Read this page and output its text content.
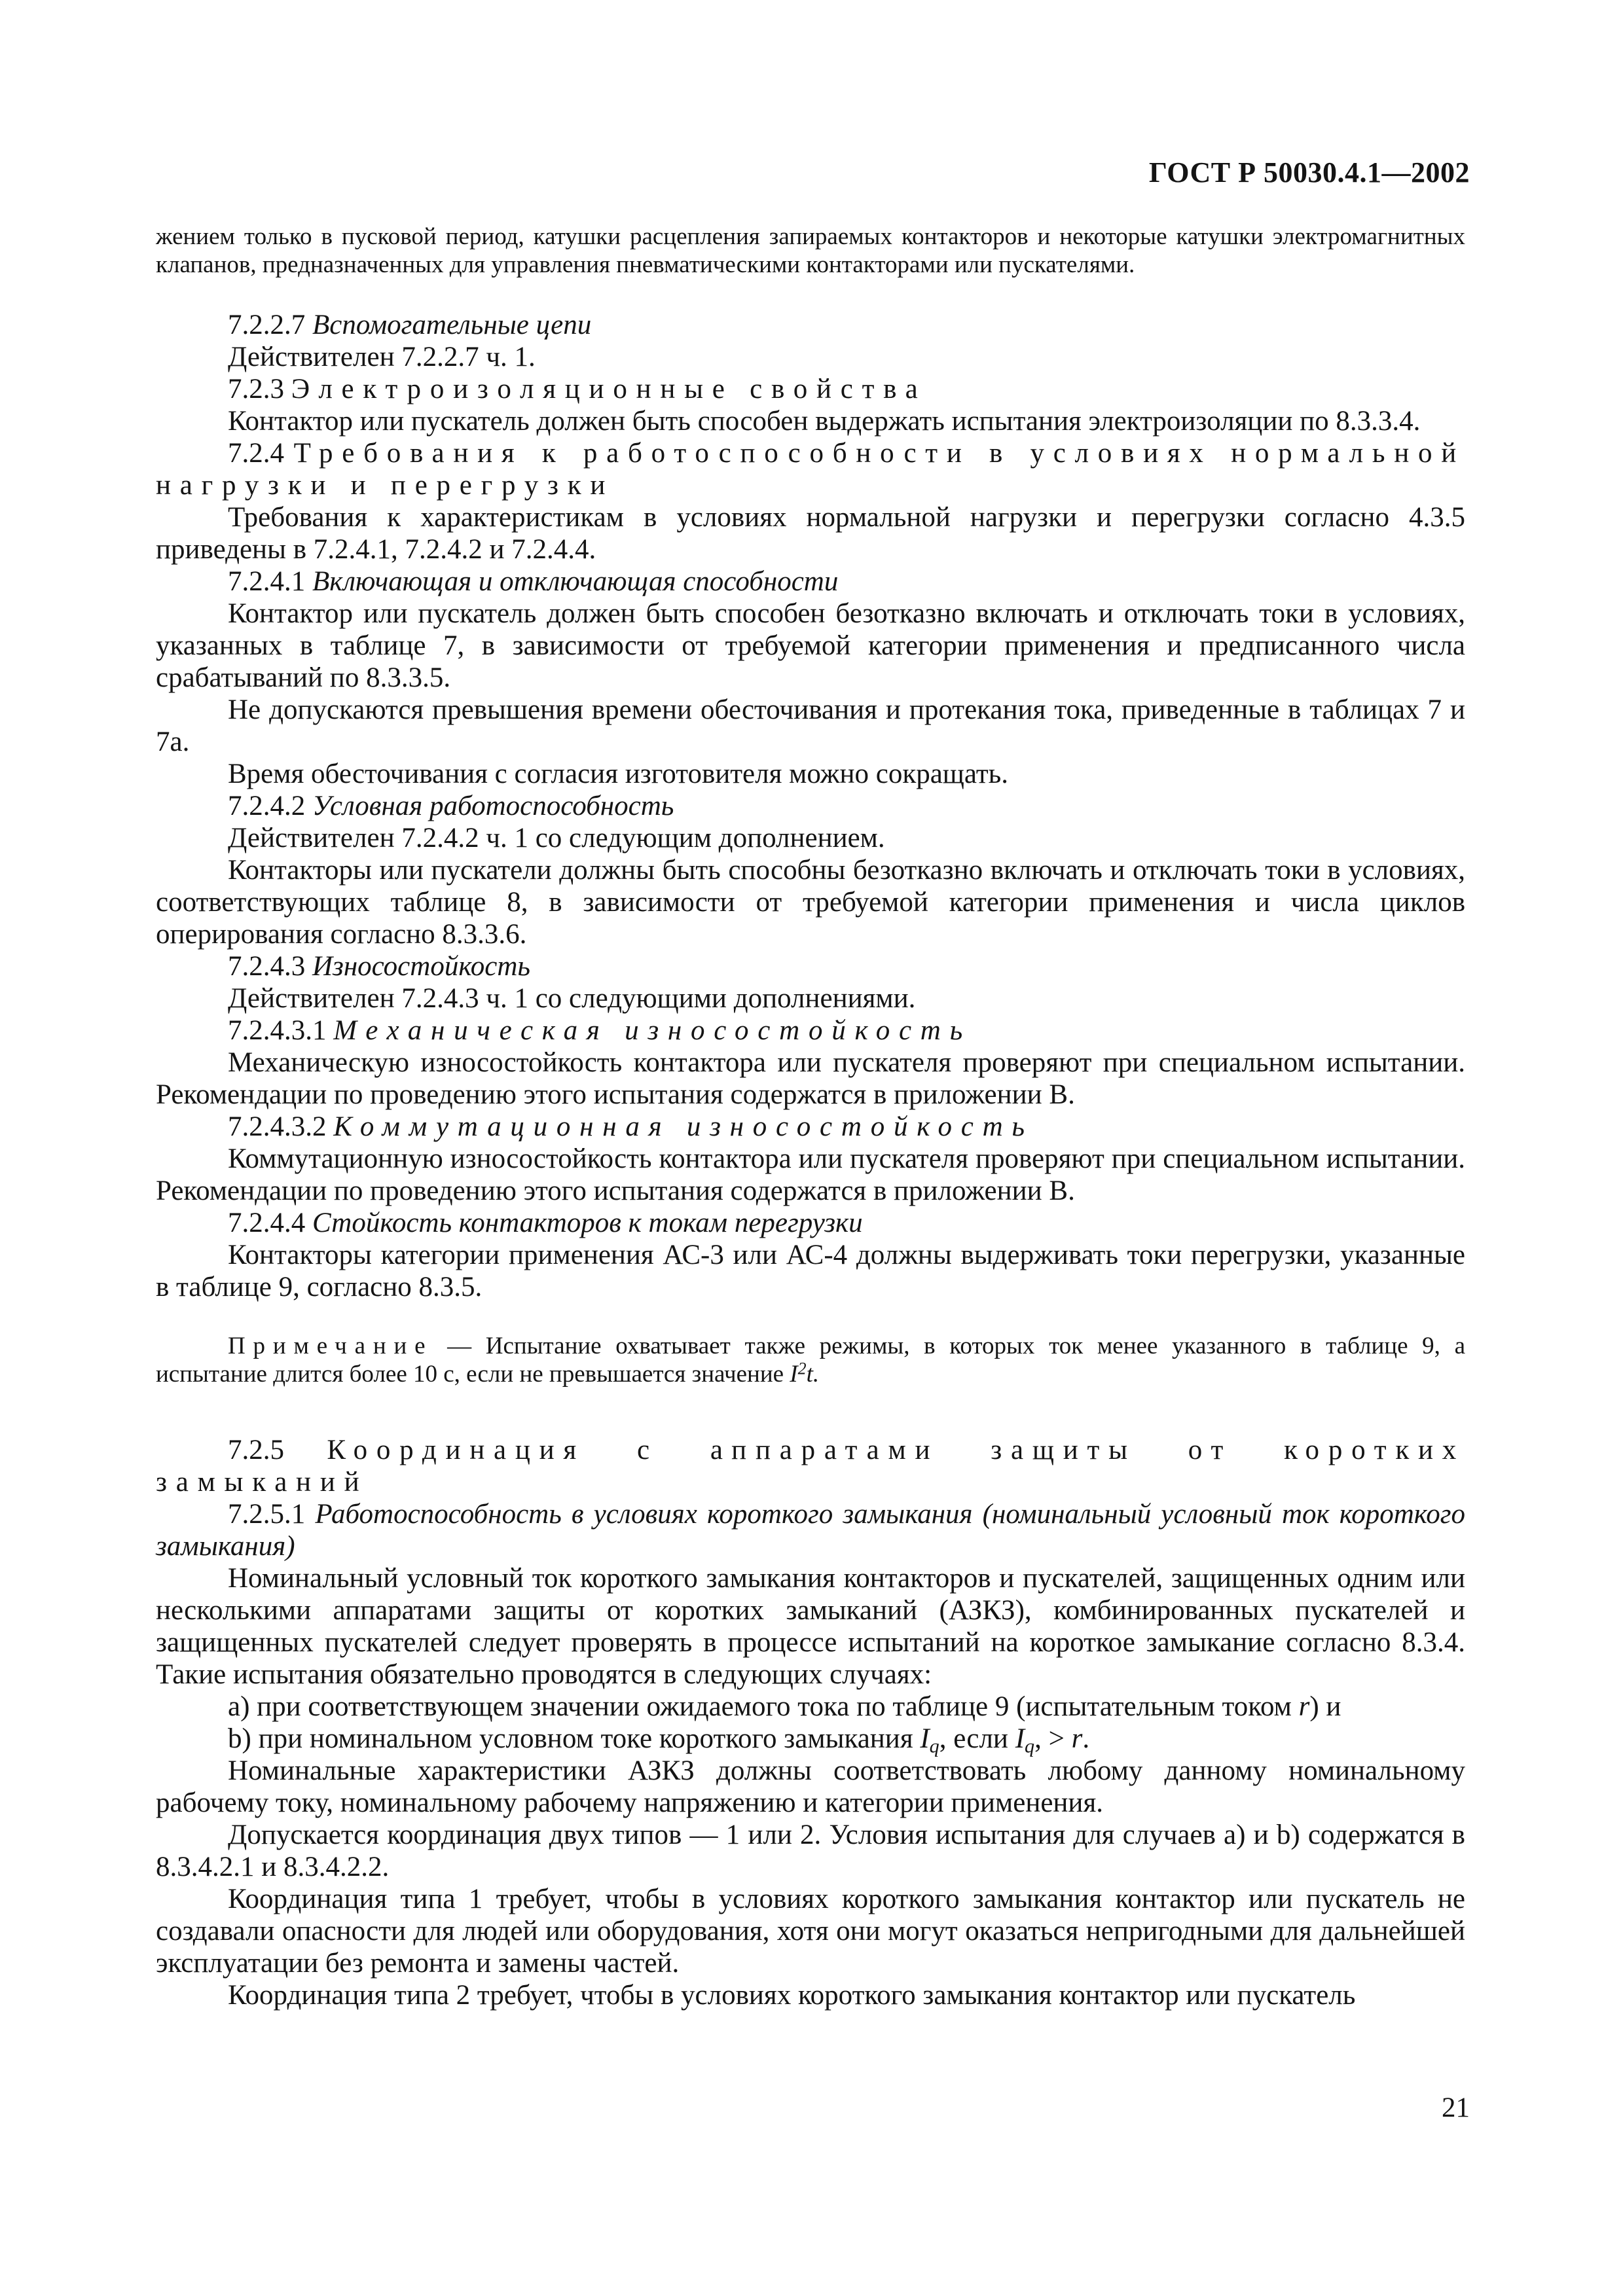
ГОСТ Р 50030.4.1—2002

жением только в пусковой период, катушки расцепления запираемых контакторов и некоторые катушки электромагнитных клапанов, предназначенных для управления пневматическими контакторами или пускателями.

7.2.2.7 Вспомогательные цепи

Действителен 7.2.2.7 ч. 1.

7.2.3 Электроизоляционные свойства

Контактор или пускатель должен быть способен выдержать испытания электроизоляции по 8.3.3.4.

7.2.4 Требования к работоспособности в условиях нормальной нагрузки и перегрузки

Требования к характеристикам в условиях нормальной нагрузки и перегрузки согласно 4.3.5 приведены в 7.2.4.1, 7.2.4.2 и 7.2.4.4.

7.2.4.1 Включающая и отключающая способности

Контактор или пускатель должен быть способен безотказно включать и отключать токи в условиях, указанных в таблице 7, в зависимости от требуемой категории применения и предписанного числа срабатываний по 8.3.3.5.

Не допускаются превышения времени обесточивания и протекания тока, приведенные в таблицах 7 и 7а.

Время обесточивания с согласия изготовителя можно сокращать.

7.2.4.2 Условная работоспособность

Действителен 7.2.4.2 ч. 1 со следующим дополнением.

Контакторы или пускатели должны быть способны безотказно включать и отключать токи в условиях, соответствующих таблице 8, в зависимости от требуемой категории применения и числа циклов оперирования согласно 8.3.3.6.

7.2.4.3 Износостойкость

Действителен 7.2.4.3 ч. 1 со следующими дополнениями.

7.2.4.3.1 Механическая износостойкость

Механическую износостойкость контактора или пускателя проверяют при специальном испытании. Рекомендации по проведению этого испытания содержатся в приложении В.

7.2.4.3.2 Коммутационная износостойкость

Коммутационную износостойкость контактора или пускателя проверяют при специальном испытании. Рекомендации по проведению этого испытания содержатся в приложении В.

7.2.4.4 Стойкость контакторов к токам перегрузки

Контакторы категории применения АС-3 или АС-4 должны выдерживать токи перегрузки, указанные в таблице 9, согласно 8.3.5.

Примечание — Испытание охватывает также режимы, в которых ток менее указанного в таблице 9, а испытание длится более 10 с, если не превышается значение $I^2t$.

7.2.5 Координация с аппаратами защиты от коротких замыканий

7.2.5.1 Работоспособность в условиях короткого замыкания (номинальный условный ток короткого замыкания)

Номинальный условный ток короткого замыкания контакторов и пускателей, защищенных одним или несколькими аппаратами защиты от коротких замыканий (АЗКЗ), комбинированных пускателей и защищенных пускателей следует проверять в процессе испытаний на короткое замыкание согласно 8.3.4. Такие испытания обязательно проводятся в следующих случаях:

а) при соответствующем значении ожидаемого тока по таблице 9 (испытательным током r) и

b) при номинальном условном токе короткого замыкания $I_q$, если $I_q$, > r.

Номинальные характеристики АЗКЗ должны соответствовать любому данному номинальному рабочему току, номинальному рабочему напряжению и категории применения.

Допускается координация двух типов — 1 или 2. Условия испытания для случаев а) и b) содержатся в 8.3.4.2.1 и 8.3.4.2.2.

Координация типа 1 требует, чтобы в условиях короткого замыкания контактор или пускатель не создавали опасности для людей или оборудования, хотя они могут оказаться непригодными для дальнейшей эксплуатации без ремонта и замены частей.

Координация типа 2 требует, чтобы в условиях короткого замыкания контактор или пускатель

21
